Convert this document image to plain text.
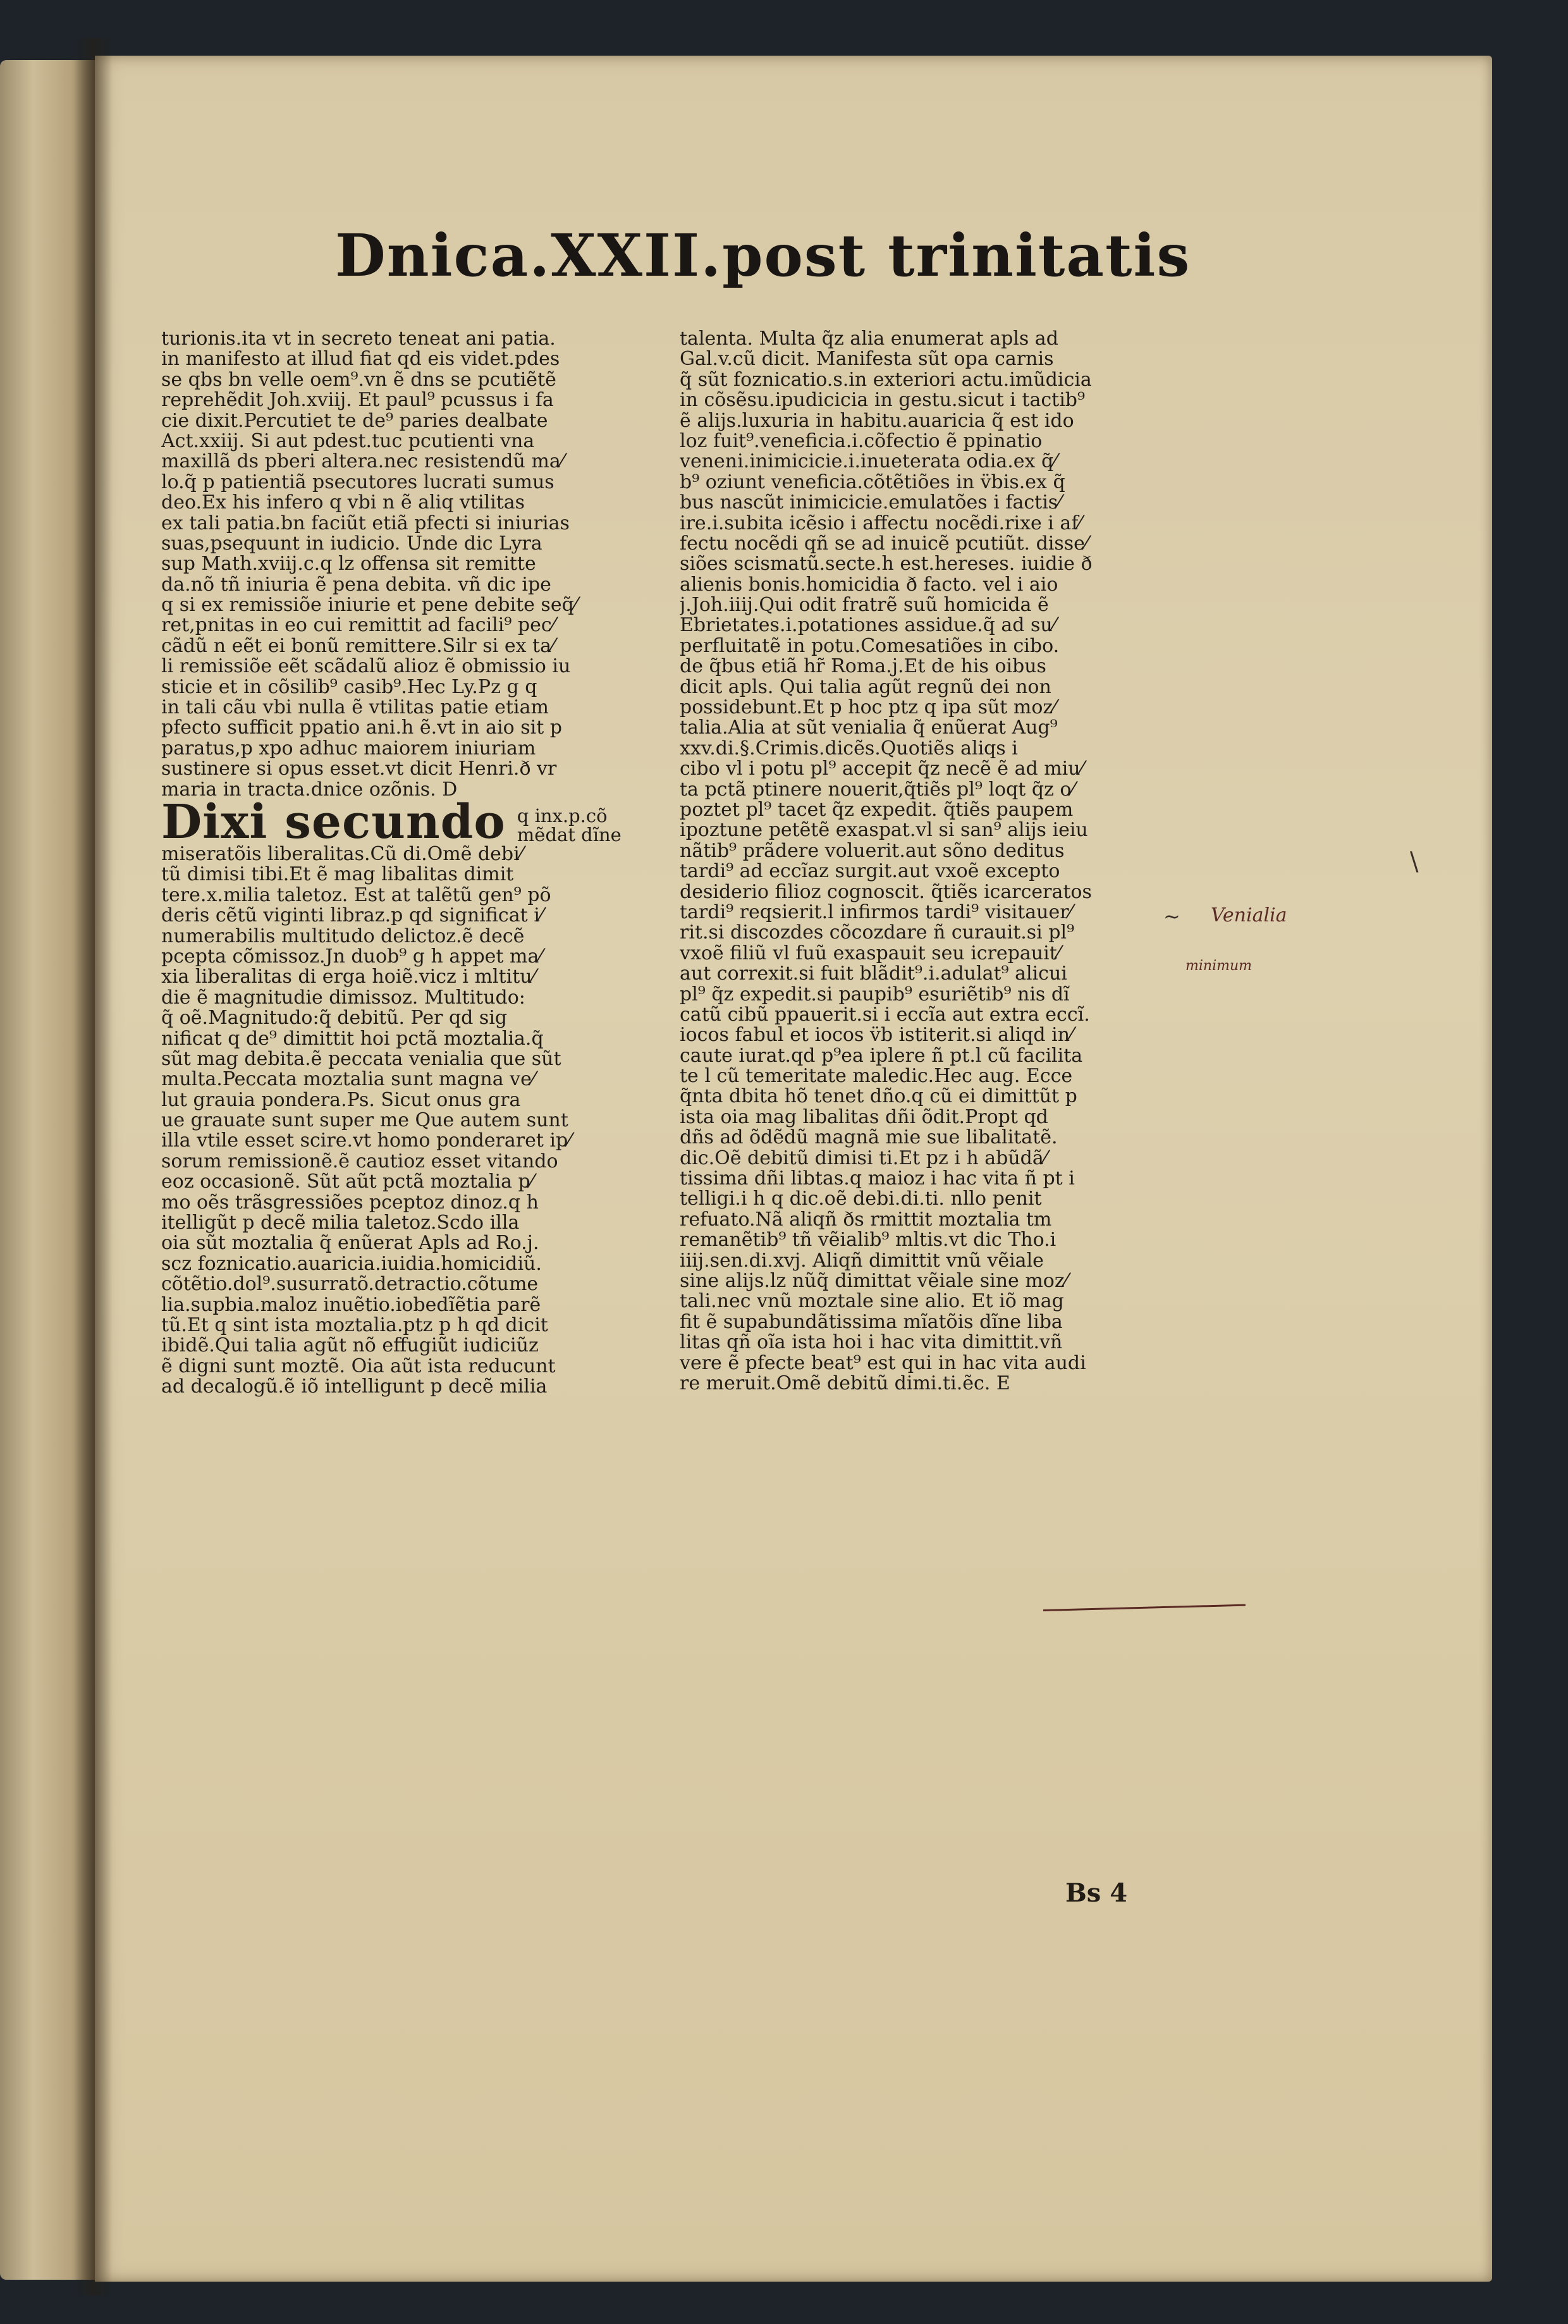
Dnica.XXII.post trinitatis
turionis.ita vt in secreto teneat ani patia.
in manifesto at illud fiat qd eis videt.pdes
se qbs bn velle oem⁹.vn ẽ dns se pcutiẽtẽ
reprehẽdit Joh.xviij. Et paul⁹ pcussus i fa
cie dixit.Percutiet te de⁹ paries dealbate
Act.xxiij. Si aut pdest.tuc pcutienti vna
maxillã ds pberi altera.nec resistendũ ma⁄
lo.q̃ p patientiã psecutores lucrati sumus
deo.Ex his infero q vbi n ẽ aliq vtilitas
ex tali patia.bn faciũt etiã pfecti si iniurias
suas,psequunt in iudicio. Unde dic Lyra
sup Math.xviij.c.q lz offensa sit remitte
da.nõ tñ iniuria ẽ pena debita. vñ dic ipe
q si ex remissiõe iniurie et pene debite seq̃⁄
ret,pnitas in eo cui remittit ad facili⁹ pec⁄
cãdũ n eẽt ei bonũ remittere.Silr si ex ta⁄
li remissiõe eẽt scãdalũ alioz ẽ obmissio iu
sticie et in cõsilib⁹ casib⁹.Hec Ly.Pz g q
in tali cãu vbi nulla ẽ vtilitas patie etiam
pfecto sufficit ppatio ani.h ẽ.vt in aio sit p
paratus,p xpo adhuc maiorem iniuriam
sustinere si opus esset.vt dicit Henri.ð vr
maria in tracta.dnice ozõnis. D
Dixi secundo q inx.p.cõ
mẽdat dĩne
miseratõis liberalitas.Cũ di.Omẽ debi⁄
tũ dimisi tibi.Et ẽ mag libalitas dimit
tere.x.milia taletoz. Est at talẽtũ gen⁹ põ
deris cẽtũ viginti libraz.p qd significat i⁄
numerabilis multitudo delictoz.ẽ decẽ
pcepta cõmissoz.Jn duob⁹ g h appet ma⁄
xia liberalitas di erga hoiẽ.vicz i mltitu⁄
die ẽ magnitudie dimissoz. Multitudo:
q̃ oẽ.Magnitudo:q̃ debitũ. Per qd sig
nificat q de⁹ dimittit hoi pctã moztalia.q̃
sũt mag debita.ẽ peccata venialia que sũt
multa.Peccata moztalia sunt magna ve⁄
lut grauia pondera.Ps. Sicut onus gra
ue grauate sunt super me Que autem sunt
illa vtile esset scire.vt homo ponderaret ip⁄
sorum remissionẽ.ẽ cautioz esset vitando
eoz occasionẽ. Sũt aũt pctã moztalia p⁄
mo oẽs trãsgressiões pceptoz dinoz.q h
itelligũt p decẽ milia taletoz.Scdo illa
oia sũt moztalia q̃ enũerat Apls ad Ro.j.
scz foznicatio.auaricia.iuidia.homicidiũ.
cõtẽtio.dol⁹.susurratõ.detractio.cõtume
lia.supbia.maloz inuẽtio.iobedĩẽtia parẽ
tũ.Et q sint ista moztalia.ptz p h qd dicit
ibidẽ.Qui talia agũt nõ effugiũt iudiciũz
ẽ digni sunt moztẽ. Oia aũt ista reducunt
ad decalogũ.ẽ iõ intelligunt p decẽ milia
talenta. Multa q̃z alia enumerat apls ad
Gal.v.cũ dicit. Manifesta sũt opa carnis
q̃ sũt foznicatio.s.in exteriori actu.imũdicia
in cõsẽsu.ipudicicia in gestu.sicut i tactib⁹
ẽ alijs.luxuria in habitu.auaricia q̃ est ido
loz fuit⁹.veneficia.i.cõfectio ẽ ppinatio
veneni.inimicicie.i.inueterata odia.ex q̃⁄
b⁹ oziunt veneficia.cõtẽtiões in v̈bis.ex q̃
bus nascũt inimicicie.emulatões i factis⁄
ire.i.subita icẽsio i affectu nocẽdi.rixe i af⁄
fectu nocẽdi qñ se ad inuicẽ pcutiũt. disse⁄
siões scismatũ.secte.h est.hereses. iuidie ð
alienis bonis.homicidia ð facto. vel i aio
j.Joh.iiij.Qui odit fratrẽ suũ homicida ẽ
Ebrietates.i.potationes assidue.q̃ ad su⁄
perfluitatẽ in potu.Comesatiões in cibo.
de q̃bus etiã hr̃ Roma.j.Et de his oibus
dicit apls. Qui talia agũt regnũ dei non
possidebunt.Et p hoc ptz q ipa sũt moz⁄
talia.Alia at sũt venialia q̃ enũerat Aug⁹
xxv.di.§.Crimis.dicẽs.Quotiẽs aliqs i
cibo vl i potu pl⁹ accepit q̃z necẽ ẽ ad miu⁄
ta pctã ptinere nouerit,q̃tiẽs pl⁹ loqt q̃z o⁄
poztet pl⁹ tacet q̃z expedit. q̃tiẽs paupem
ipoztune petẽtẽ exaspat.vl si san⁹ alijs ieiu
nãtib⁹ prãdere voluerit.aut sõno deditus
tardi⁹ ad eccĩaz surgit.aut vxoẽ excepto
desiderio filioz cognoscit. q̃tiẽs icarceratos
tardi⁹ reqsierit.l infirmos tardi⁹ visitauer⁄
rit.si discozdes cõcozdare ñ curauit.si pl⁹
vxoẽ filiũ vl fuũ exaspauit seu icrepauit⁄
aut correxit.si fuit blãdit⁹.i.adulat⁹ alicui
pl⁹ q̃z expedit.si paupib⁹ esuriẽtib⁹ nis dĩ
catũ cibũ ppauerit.si i eccĩa aut extra eccĩ.
iocos fabul et iocos v̈b istiterit.si aliqd in⁄
caute iurat.qd p⁹ea iplere ñ pt.l cũ facilita
te l cũ temeritate maledic.Hec aug. Ecce
q̃nta dbita hõ tenet dño.q cũ ei dimittũt p
ista oia mag libalitas dñi õdit.Propt qd
dñs ad õdẽdũ magnã mie sue libalitatẽ.
dic.Oẽ debitũ dimisi ti.Et pz i h abũdã⁄
tissima dñi libtas.q maioz i hac vita ñ pt i
telligi.i h q dic.oẽ debi.di.ti. nllo penit
refuato.Nã aliqñ ðs rmittit moztalia tm
remanẽtib⁹ tñ vẽialib⁹ mltis.vt dic Tho.i
iiij.sen.di.xvj. Aliqñ dimittit vnũ vẽiale
sine alijs.lz nũq̃ dimittat vẽiale sine moz⁄
tali.nec vnũ moztale sine alio. Et iõ mag
fit ẽ supabundãtissima mĩatõis dĩne liba
litas qñ oĩa ista hoi i hac vita dimittit.vñ
vere ẽ pfecte beat⁹ est qui in hac vita audi
re meruit.Omẽ debitũ dimi.ti.ẽc. E
Bs 4
Venialia
minimum
\
~
